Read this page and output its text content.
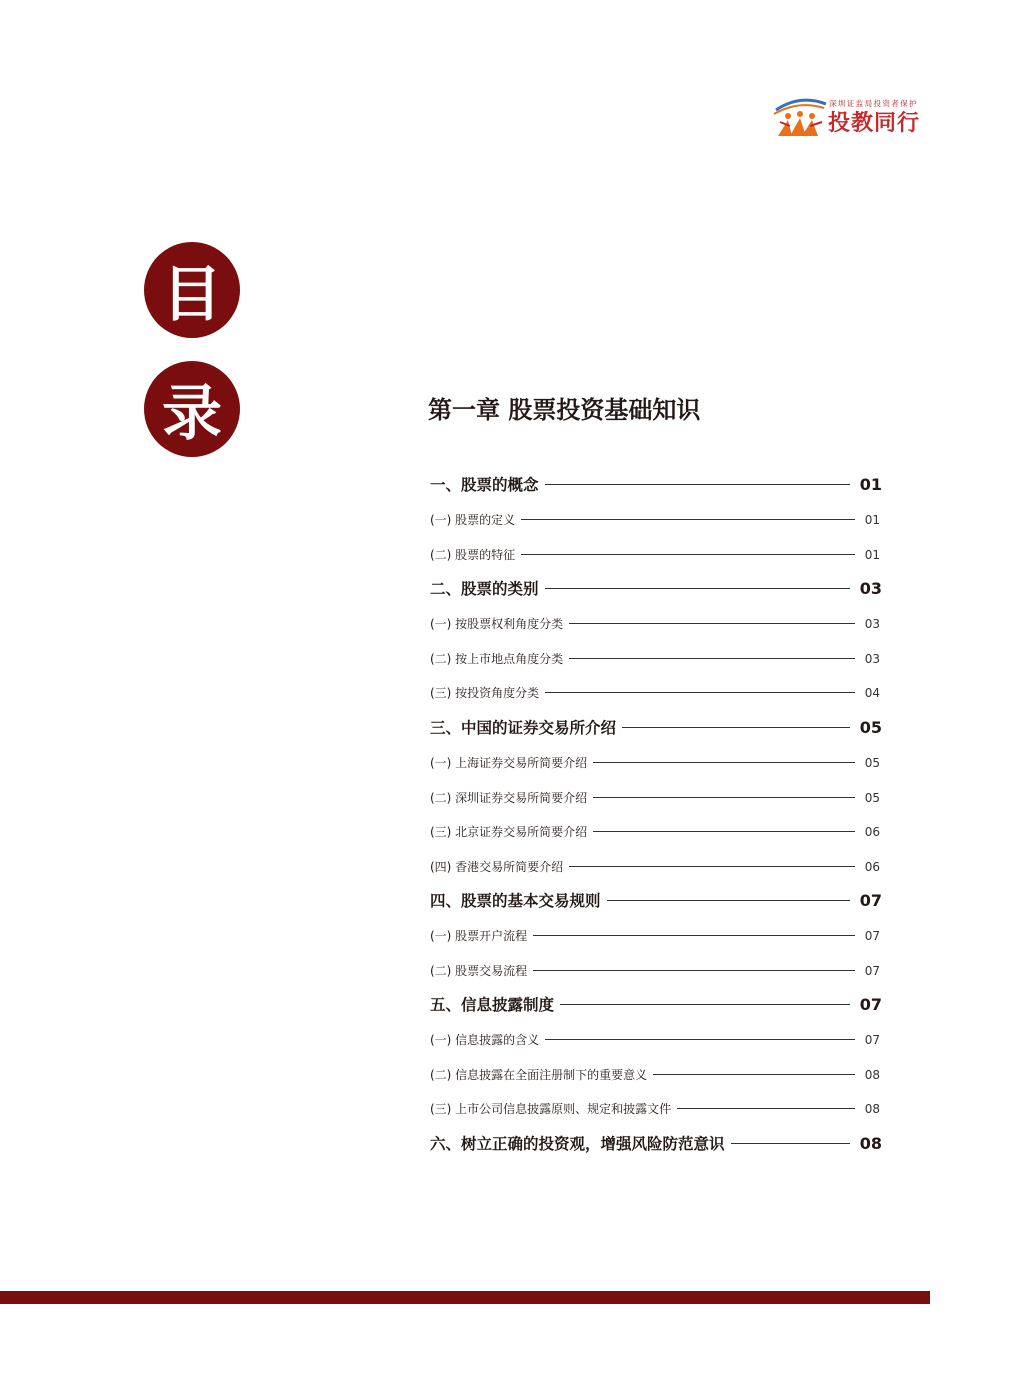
深圳证监局投资者保护
投教同行
目
录	第一章 股票投资基础知识
一、股票的概念	01
(一) 股票的定义	01
(二) 股票的特征	01
二、股票的类别	03
(一) 按股票权利角度分类	03
(二) 按上市地点角度分类	03
(三) 按投资角度分类	04
三、中国的证券交易所介绍	05
(一) 上海证券交易所简要介绍	05
(二) 深圳证券交易所简要介绍	05
(三) 北京证券交易所简要介绍	06
(四) 香港交易所简要介绍	06
四、股票的基本交易规则	07
(一) 股票开户流程	07
(二) 股票交易流程	07
五、信息披露制度	07
(一) 信息披露的含义	07
(二) 信息披露在全面注册制下的重要意义	08
(三) 上市公司信息披露原则、规定和披露文件	08
六、树立正确的投资观，增强风险防范意识	08
